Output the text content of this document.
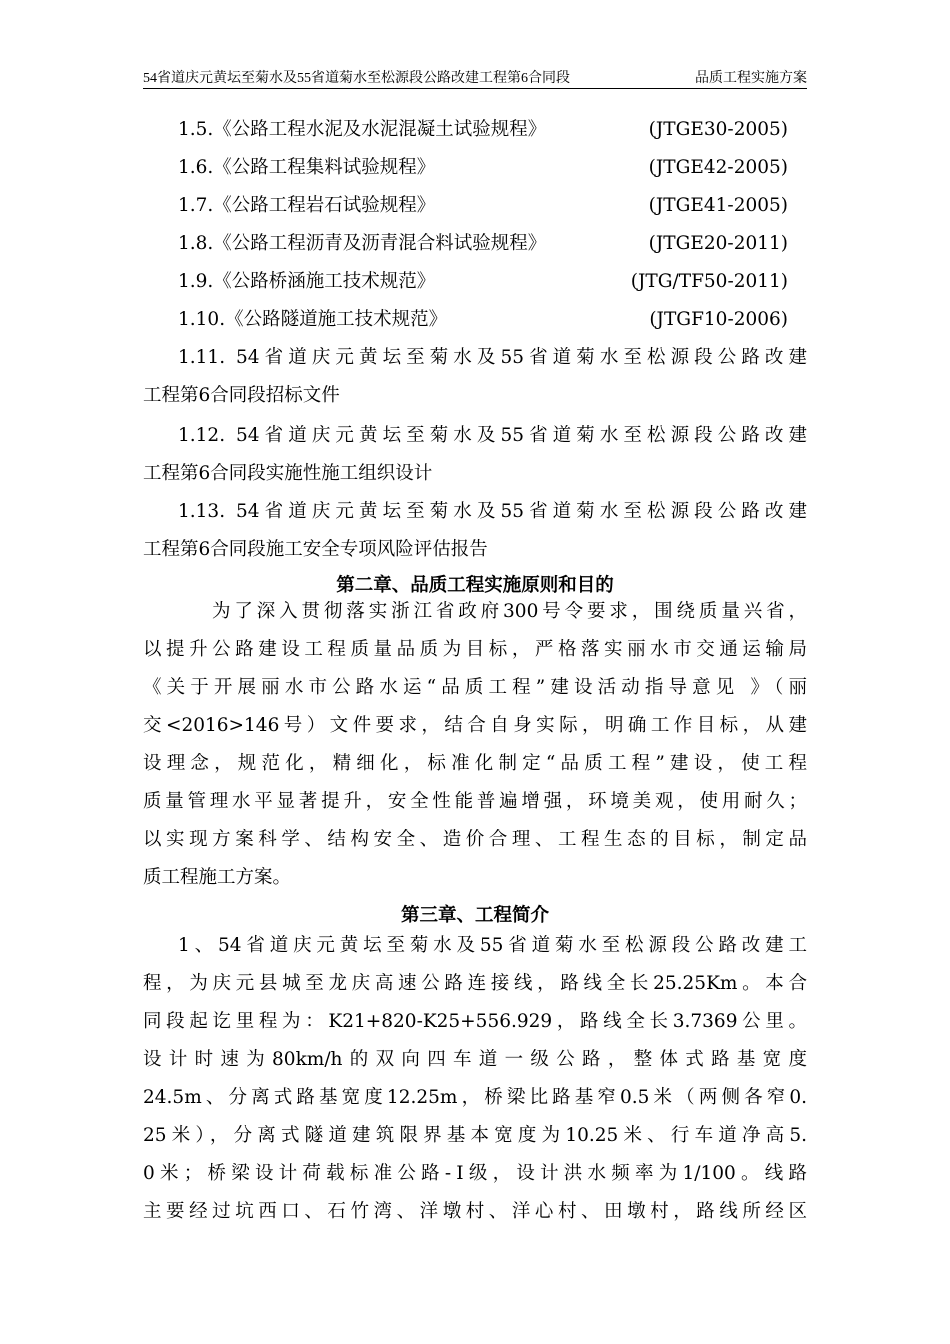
54省道庆元黄坛至菊水及55省道菊水至松源段公路改建工程第6合同段	品质工程实施方案
1.5.《公路工程水泥及水泥混凝土试验规程》	(JTGE30-2005)
1.6.《公路工程集料试验规程》	(JTGE42-2005)
1.7.《公路工程岩石试验规程》	(JTGE41-2005)
1.8.《公路工程沥青及沥青混合料试验规程》	(JTGE20-2011)
1.9.《公路桥涵施工技术规范》	(JTG/TF50-2011)
1.10.《公路隧道施工技术规范》	(JTGF10-2006)
1.11. 54省道庆元黄坛至菊水及55省道菊水至松源段公路改建
工程第6合同段招标文件
1.12. 54省道庆元黄坛至菊水及55省道菊水至松源段公路改建
工程第6合同段实施性施工组织设计
1.13. 54省道庆元黄坛至菊水及55省道菊水至松源段公路改建
工程第6合同段施工安全专项风险评估报告
第二章、品质工程实施原则和目的
为了深入贯彻落实浙江省政府300号令要求，围绕质量兴省，
以提升公路建设工程质量品质为目标，严格落实丽水市交通运输局
《关于开展丽水市公路水运“品质工程”建设活动指导意见 》（丽
交<2016>146号）文件要求，结合自身实际，明确工作目标，从建
设理念，规范化，精细化，标准化制定“品质工程”建设，使工程
质量管理水平显著提升，安全性能普遍增强，环境美观，使用耐久；
以实现方案科学、结构安全、造价合理、工程生态的目标，制定品
质工程施工方案。
第三章、工程简介
1、54省道庆元黄坛至菊水及55省道菊水至松源段公路改建工
程，为庆元县城至龙庆高速公路连接线，路线全长25.25Km。本合
同段起讫里程为：K21+820-K25+556.929，路线全长3.7369公里。
设计时速为80km/h的双向四车道一级公路，整体式路基宽度
24.5m、分离式路基宽度12.25m，桥梁比路基窄0.5米（两侧各窄0.
25米），分离式隧道建筑限界基本宽度为10.25米、行车道净高5.
0米；桥梁设计荷载标准公路-Ⅰ级，设计洪水频率为1/100。线路
主要经过坑西口、石竹湾、洋墩村、洋心村、田墩村，路线所经区
